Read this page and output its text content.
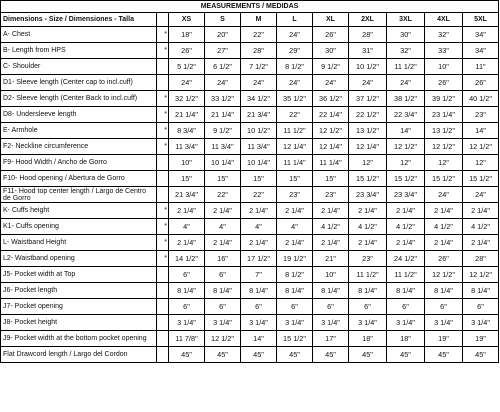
MEASUREMENTS / MEDIDAS										
Dimensions - Size / Dimensiones - Talla		XS	S	M	L	XL	2XL	3XL	4XL	5XL
A- Chest	*	18"	20"	22"	24"	26"	28"	30"	32"	34"
B- Length from HPS	*	26"	27"	28"	29"	30"	31"	32"	33"	34"
C- Shoulder		5 1/2"	6 1/2"	7 1/2"	8 1/2"	9 1/2"	10 1/2"	11 1/2"	10"	11"

D1- Sleeve length (Center cap to incl.cuff)		24"	24"	24"	24"	24"	24"	24"	26"	26"

D2- Sleeve length (Center Back to incl.cuff)	*	32 1/2"	33 1/2"	34 1/2"	35 1/2"	36 1/2"	37 1/2"	38 1/2"	39 1/2"	40 1/2"
D8- Undersleeve length	*	21 1/4"	21 1/4"	21 3/4"	22"	22 1/4"	22 1/2"	22 3/4"	23 1/4"	23"
E- Armhole	*	8 3/4"	9 1/2"	10 1/2"	11 1/2"	12 1/2"	13 1/2"	14"	13 1/2"	14"
F2- Neckline circumference	*	11 3/4"	11 3/4"	11 3/4"	12 1/4"	12 1/4"	12 1/4"	12 1/2"	12 1/2"	12 1/2"
F9- Hood Width / Ancho de Gorro		10"	10 1/4"	10 1/4"	11 1/4"	11 1/4"	12"	12"	12"	12"

F10- Hood opening / Abertura de Gorro		15"	15"	15"	15"	15"	15 1/2"	15 1/2"	15 1/2"	15 1/2"

F11- Hood top center length / Largo de Centro de Gorro		21 3/4"	22"	22"	23"	23"	23 3/4"	23 3/4"	24"	24"
K- Cuffs height	*	2 1/4"	2 1/4"	2 1/4"	2 1/4"	2 1/4"	2 1/4"	2 1/4"	2 1/4"	2 1/4"
K1- Cuffs opening	*	4"	4"	4"	4"	4 1/2"	4 1/2"	4 1/2"	4 1/2"	4 1/2"
L- Waistband Height	*	2 1/4"	2 1/4"	2 1/4"	2 1/4"	2 1/4"	2 1/4"	2 1/4"	2 1/4"	2 1/4"
L2- Waistband opening	*	14 1/2"	16"	17 1/2"	19 1/2"	21"	23"	24 1/2"	26"	28"
J5- Pocket width at Top		6"	6"	7"	8 1/2"	10"	11 1/2"	11 1/2"	12 1/2"	12 1/2"
J6- Pocket length		8 1/4"	8 1/4"	8 1/4"	8 1/4"	8 1/4"	8 1/4"	8 1/4"	8 1/4"	8 1/4"
J7- Pocket opening		6"	6"	6"	6"	6"	6"	6"	6"	6"
J8- Pocket height		3 1/4"	3 1/4"	3 1/4"	3 1/4"	3 1/4"	3 1/4"	3 1/4"	3 1/4"	3 1/4"

J9- Pocket width at the bottom pocket opening		11 7/8"	12 1/2"	14"	15 1/2"	17"	18"	18"	19"	19"

Flat Drawcord length / Largo del Cordon		45"	45"	45"	45"	45"	45"	45"	45"	45"
